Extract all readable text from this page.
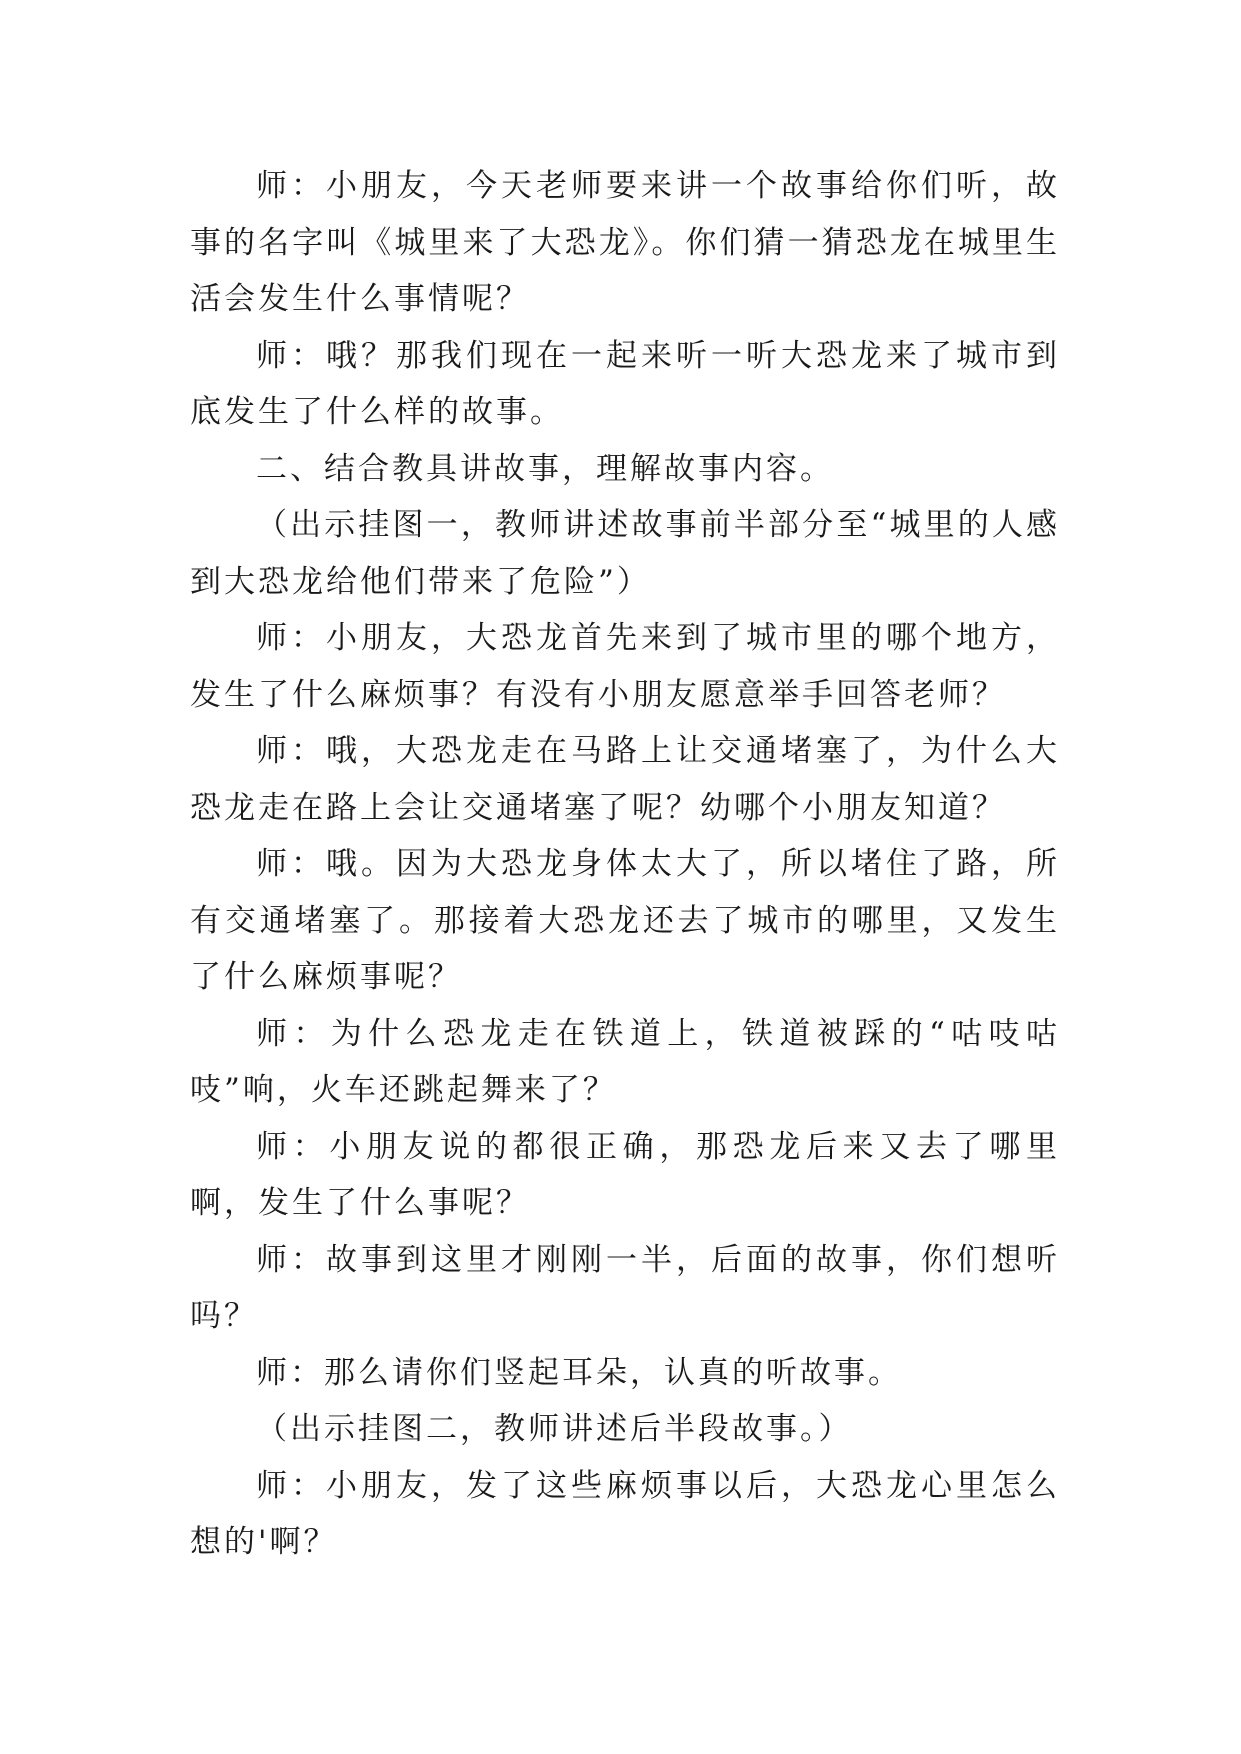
师：小朋友，今天老师要来讲一个故事给你们听，故事的名字叫《城里来了大恐龙》。你们猜一猜恐龙在城里生活会发生什么事情呢？

师：哦？那我们现在一起来听一听大恐龙来了城市到底发生了什么样的故事。

二、结合教具讲故事，理解故事内容。

（出示挂图一，教师讲述故事前半部分至“城里的人感到大恐龙给他们带来了危险”）

师：小朋友，大恐龙首先来到了城市里的哪个地方，发生了什么麻烦事？有没有小朋友愿意举手回答老师？

师：哦，大恐龙走在马路上让交通堵塞了，为什么大恐龙走在路上会让交通堵塞了呢？幼哪个小朋友知道？

师：哦。因为大恐龙身体太大了，所以堵住了路，所有交通堵塞了。那接着大恐龙还去了城市的哪里，又发生了什么麻烦事呢？

师：为什么恐龙走在铁道上，铁道被踩的“咕吱咕吱”响，火车还跳起舞来了？

师：小朋友说的都很正确，那恐龙后来又去了哪里啊，发生了什么事呢？

师：故事到这里才刚刚一半，后面的故事，你们想听吗？

师：那么请你们竖起耳朵，认真的听故事。

（出示挂图二，教师讲述后半段故事。）

师：小朋友，发了这些麻烦事以后，大恐龙心里怎么想的'啊？
